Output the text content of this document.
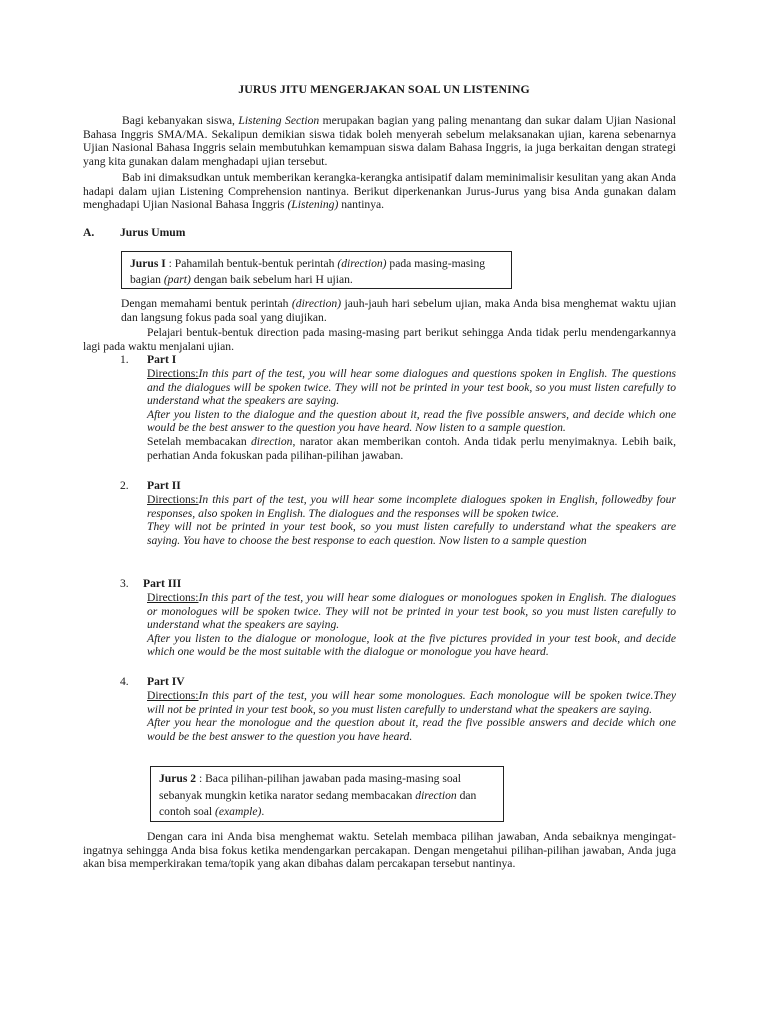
JURUS JITU MENGERJAKAN SOAL UN LISTENING
Bagi kebanyakan siswa, Listening Section merupakan bagian yang paling menantang dan sukar dalam Ujian Nasional Bahasa Inggris SMA/MA. Sekalipun demikian siswa tidak boleh menyerah sebelum melaksanakan ujian, karena sebenarnya Ujian Nasional Bahasa Inggris selain membutuhkan kemampuan siswa dalam Bahasa Inggris, ia juga berkaitan dengan strategi yang kita gunakan dalam menghadapi ujian tersebut.
Bab ini dimaksudkan untuk memberikan kerangka-kerangka antisipatif dalam meminimalisir kesulitan yang akan Anda hadapi dalam ujian Listening Comprehension nantinya. Berikut diperkenankan Jurus-Jurus yang bisa Anda gunakan dalam menghadapi Ujian Nasional Bahasa Inggris (Listening) nantinya.
A. Jurus Umum
Jurus I : Pahamilah bentuk-bentuk perintah (direction) pada masing-masing bagian (part) dengan baik sebelum hari H ujian.
Dengan memahami bentuk perintah (direction) jauh-jauh hari sebelum ujian, maka Anda bisa menghemat waktu ujian dan langsung fokus pada soal yang diujikan.
Pelajari bentuk-bentuk direction pada masing-masing part berikut sehingga Anda tidak perlu mendengarkannya lagi pada waktu menjalani ujian.
1. Part I
Directions:In this part of the test, you will hear some dialogues and questions spoken in English. The questions and the dialogues will be spoken twice. They will not be printed in your test book, so you must listen carefully to understand what the speakers are saying.
After you listen to the dialogue and the question about it, read the five possible answers, and decide which one would be the best answer to the question you have heard. Now listen to a sample question.
Setelah membacakan direction, narator akan memberikan contoh. Anda tidak perlu menyimaknya. Lebih baik, perhatian Anda fokuskan pada pilihan-pilihan jawaban.
2. Part II
Directions:In this part of the test, you will hear some incomplete dialogues spoken in English, followedby four responses, also spoken in English. The dialogues and the responses will be spoken twice.
They will not be printed in your test book, so you must listen carefully to understand what the speakers are saying. You have to choose the best response to each question. Now listen to a sample question
3. Part III
Directions:In this part of the test, you will hear some dialogues or monologues spoken in English. The dialogues or monologues will be spoken twice. They will not be printed in your test book, so you must listen carefully to understand what the speakers are saying.
After you listen to the dialogue or monologue, look at the five pictures provided in your test book, and decide which one would be the most suitable with the dialogue or monologue you have heard.
4. Part IV
Directions:In this part of the test, you will hear some monologues. Each monologue will be spoken twice.They will not be printed in your test book, so you must listen carefully to understand what the speakers are saying.
After you hear the monologue and the question about it, read the five possible answers and decide which one would be the best answer to the question you have heard.
Jurus 2 : Baca pilihan-pilihan jawaban pada masing-masing soal sebanyak mungkin ketika narator sedang membacakan direction dan contoh soal (example).
Dengan cara ini Anda bisa menghemat waktu. Setelah membaca pilihan jawaban, Anda sebaiknya mengingat-ingatnya sehingga Anda bisa fokus ketika mendengarkan percakapan. Dengan mengetahui pilihan-pilihan jawaban, Anda juga akan bisa memperkirakan tema/topik yang akan dibahas dalam percakapan tersebut nantinya.
